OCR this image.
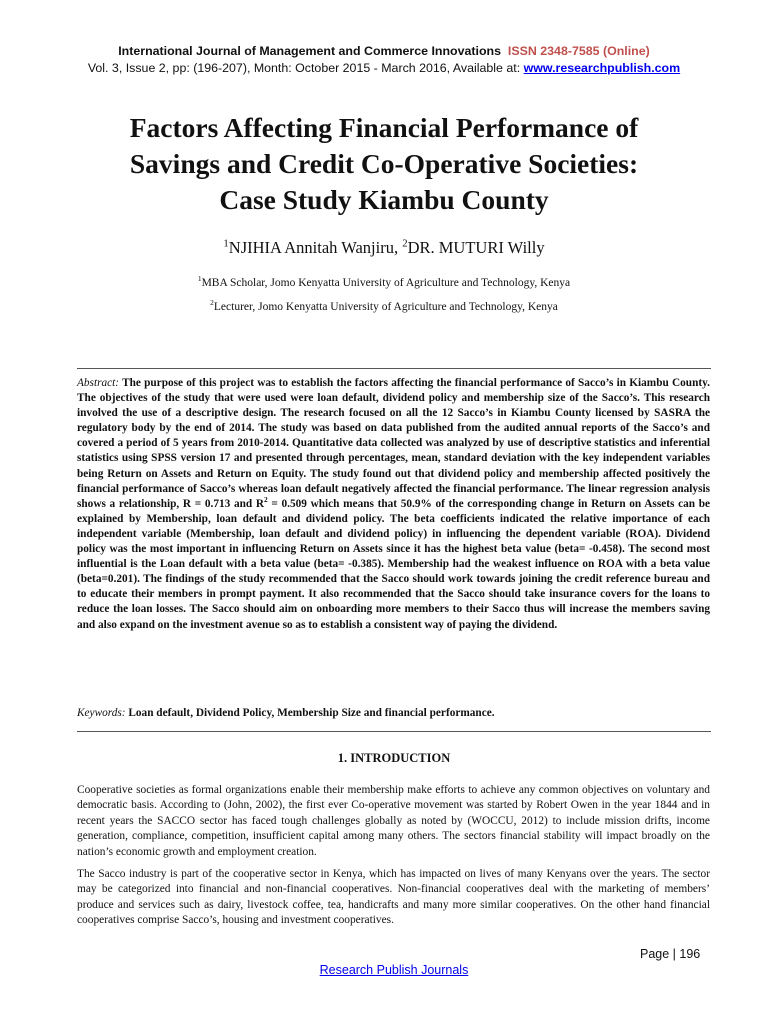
International Journal of Management and Commerce Innovations ISSN 2348-7585 (Online)
Vol. 3, Issue 2, pp: (196-207), Month: October 2015 - March 2016, Available at: www.researchpublish.com
Factors Affecting Financial Performance of
Savings and Credit Co-Operative Societies:
Case Study Kiambu County
$^1$NJIHIA Annitah Wanjiru, $^2$DR. MUTURI Willy
$^1$MBA Scholar, Jomo Kenyatta University of Agriculture and Technology, Kenya
$^2$Lecturer, Jomo Kenyatta University of Agriculture and Technology, Kenya
Abstract: The purpose of this project was to establish the factors affecting the financial performance of Sacco’s in Kiambu County. The objectives of the study that were used were loan default, dividend policy and membership size of the Sacco’s. This research involved the use of a descriptive design. The research focused on all the 12 Sacco’s in Kiambu County licensed by SASRA the regulatory body by the end of 2014. The study was based on data published from the audited annual reports of the Sacco’s and covered a period of 5 years from 2010-2014. Quantitative data collected was analyzed by use of descriptive statistics and inferential statistics using SPSS version 17 and presented through percentages, mean, standard deviation with the key independent variables being Return on Assets and Return on Equity. The study found out that dividend policy and membership affected positively the financial performance of Sacco’s whereas loan default negatively affected the financial performance. The linear regression analysis shows a relationship, R = 0.713 and $R^2 = 0.509$ which means that 50.9% of the corresponding change in Return on Assets can be explained by Membership, loan default and dividend policy. The beta coefficients indicated the relative importance of each independent variable (Membership, loan default and dividend policy) in influencing the dependent variable (ROA). Dividend policy was the most important in influencing Return on Assets since it has the highest beta value (beta= -0.458). The second most influential is the Loan default with a beta value (beta= -0.385). Membership had the weakest influence on ROA with a beta value (beta=0.201). The findings of the study recommended that the Sacco should work towards joining the credit reference bureau and to educate their members in prompt payment. It also recommended that the Sacco should take insurance covers for the loans to reduce the loan losses. The Sacco should aim on onboarding more members to their Sacco thus will increase the members saving and also expand on the investment avenue so as to establish a consistent way of paying the dividend.
Keywords: Loan default, Dividend Policy, Membership Size and financial performance.
1. INTRODUCTION
Cooperative societies as formal organizations enable their membership make efforts to achieve any common objectives on voluntary and democratic basis. According to (John, 2002), the first ever Co-operative movement was started by Robert Owen in the year 1844 and in recent years the SACCO sector has faced tough challenges globally as noted by (WOCCU, 2012) to include mission drifts, income generation, compliance, competition, insufficient capital among many others. The sectors financial stability will impact broadly on the nation’s economic growth and employment creation.
The Sacco industry is part of the cooperative sector in Kenya, which has impacted on lives of many Kenyans over the years. The sector may be categorized into financial and non-financial cooperatives. Non-financial cooperatives deal with the marketing of members’ produce and services such as dairy, livestock coffee, tea, handicrafts and many more similar cooperatives. On the other hand financial cooperatives comprise Sacco’s, housing and investment cooperatives.
Page | 196
Research Publish Journals
